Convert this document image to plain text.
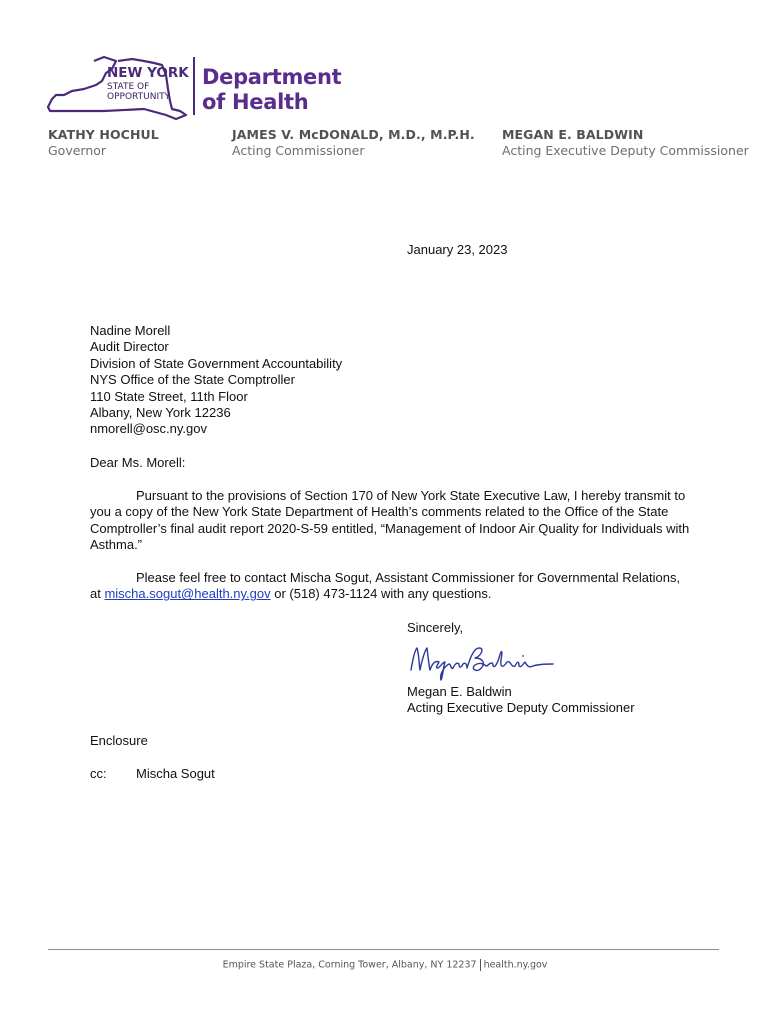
NEW YORK
STATE OF
OPPORTUNITY.
Department
of Health
KATHY HOCHUL
Governor
JAMES V. McDONALD, M.D., M.P.H.
Acting Commissioner
MEGAN E. BALDWIN
Acting Executive Deputy Commissioner
January 23, 2023
Nadine Morell
Audit Director
Division of State Government Accountability
NYS Office of the State Comptroller
110 State Street, 11th Floor
Albany, New York 12236
nmorell@osc.ny.gov
Dear Ms. Morell:
Pursuant to the provisions of Section 170 of New York State Executive Law, I hereby transmit to you a copy of the New York State Department of Health’s comments related to the Office of the State Comptroller’s final audit report 2020-S-59 entitled, “Management of Indoor Air Quality for Individuals with Asthma.”
Please feel free to contact Mischa Sogut, Assistant Commissioner for Governmental Relations, at mischa.sogut@health.ny.gov or (518) 473-1124 with any questions.
Sincerely,
Megan E. Baldwin
Acting Executive Deputy Commissioner
Enclosure
cc: Mischa Sogut
Empire State Plaza, Corning Tower, Albany, NY 12237 health.ny.gov
